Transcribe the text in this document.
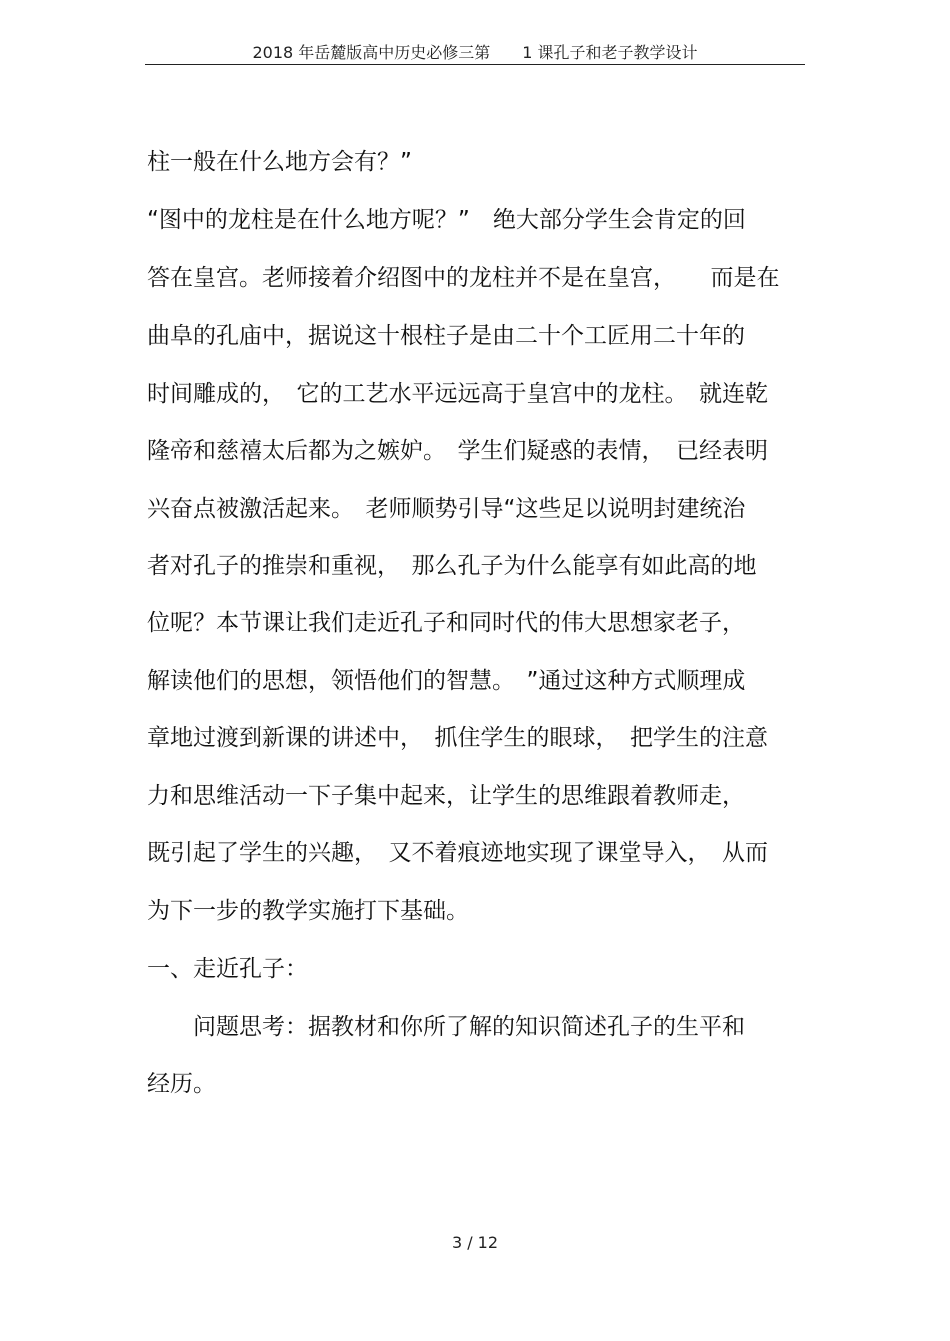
2018 年岳麓版高中历史必修三第　　1 课孔子和老子教学设计
柱一般在什么地方会有？”
“图中的龙柱是在什么地方呢？”　绝大部分学生会肯定的回
答在皇宫。老师接着介绍图中的龙柱并不是在皇宫，　　而是在
曲阜的孔庙中，据说这十根柱子是由二十个工匠用二十年的
时间雕成的，　它的工艺水平远远高于皇宫中的龙柱。　就连乾
隆帝和慈禧太后都为之嫉妒。　学生们疑惑的表情，　已经表明
兴奋点被激活起来。　老师顺势引导“这些足以说明封建统治
者对孔子的推崇和重视，　那么孔子为什么能享有如此高的地
位呢？本节课让我们走近孔子和同时代的伟大思想家老子，
解读他们的思想，领悟他们的智慧。　”通过这种方式顺理成
章地过渡到新课的讲述中，　抓住学生的眼球，　把学生的注意
力和思维活动一下子集中起来，让学生的思维跟着教师走，
既引起了学生的兴趣，　又不着痕迹地实现了课堂导入，　从而
为下一步的教学实施打下基础。
一、走近孔子：
　　问题思考：据教材和你所了解的知识简述孔子的生平和
经历。
3 / 12
